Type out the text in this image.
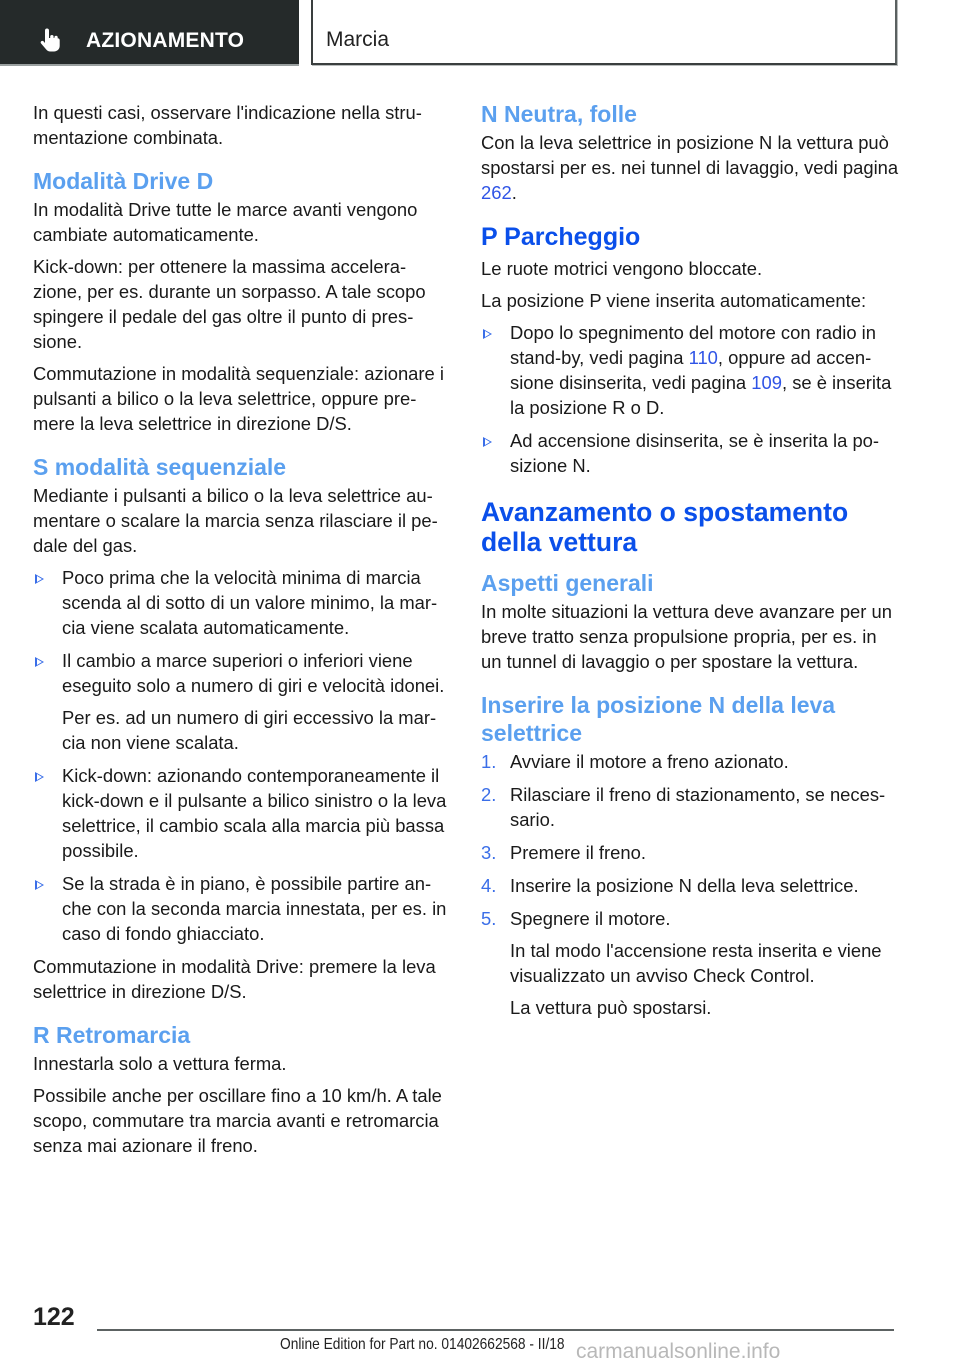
AZIONAMENTO	Marcia

In questi casi, osservare l'indicazione nella strumentazione combinata.

Modalità Drive D

In modalità Drive tutte le marce avanti vengono cambiate automaticamente.

Kick-down: per ottenere la massima accelerazione, per es. durante un sorpasso. A tale scopo spingere il pedale del gas oltre il punto di pressione.

Commutazione in modalità sequenziale: azionare i pulsanti a bilico o la leva selettrice, oppure premere la leva selettrice in direzione D/S.

S modalità sequenziale

Mediante i pulsanti a bilico o la leva selettrice aumentare o scalare la marcia senza rilasciare il pedale del gas.

Poco prima che la velocità minima di marcia scenda al di sotto di un valore minimo, la marcia viene scalata automaticamente.
Il cambio a marce superiori o inferiori viene eseguito solo a numero di giri e velocità idonei.
Per es. ad un numero di giri eccessivo la marcia non viene scalata.
Kick-down: azionando contemporaneamente il kick-down e il pulsante a bilico sinistro o la leva selettrice, il cambio scala alla marcia più bassa possibile.
Se la strada è in piano, è possibile partire anche con la seconda marcia innestata, per es. in caso di fondo ghiacciato.

Commutazione in modalità Drive: premere la leva selettrice in direzione D/S.

R Retromarcia

Innestarla solo a vettura ferma.

Possibile anche per oscillare fino a 10 km/h. A tale scopo, commutare tra marcia avanti e retromarcia senza mai azionare il freno.

N Neutra, folle

Con la leva selettrice in posizione N la vettura può spostarsi per es. nei tunnel di lavaggio, vedi pagina 262.

P Parcheggio

Le ruote motrici vengono bloccate.

La posizione P viene inserita automaticamente:

Dopo lo spegnimento del motore con radio in stand-by, vedi pagina 110, oppure ad accensione disinserita, vedi pagina 109, se è inserita la posizione R o D.
Ad accensione disinserita, se è inserita la posizione N.
Avanzamento o spostamento della vettura
Aspetti generali

In molte situazioni la vettura deve avanzare per un breve tratto senza propulsione propria, per es. in un tunnel di lavaggio o per spostare la vettura.

Inserire la posizione N della leva selettrice
1. Avviare il motore a freno azionato.
2. Rilasciare il freno di stazionamento, se necessario.
3. Premere il freno.
4. Inserire la posizione N della leva selettrice.
5. Spegnere il motore.
In tal modo l'accensione resta inserita e viene visualizzato un avviso Check Control.
La vettura può spostarsi.
122
Online Edition for Part no. 01402662568 - II/18 carmanualsonline.info
